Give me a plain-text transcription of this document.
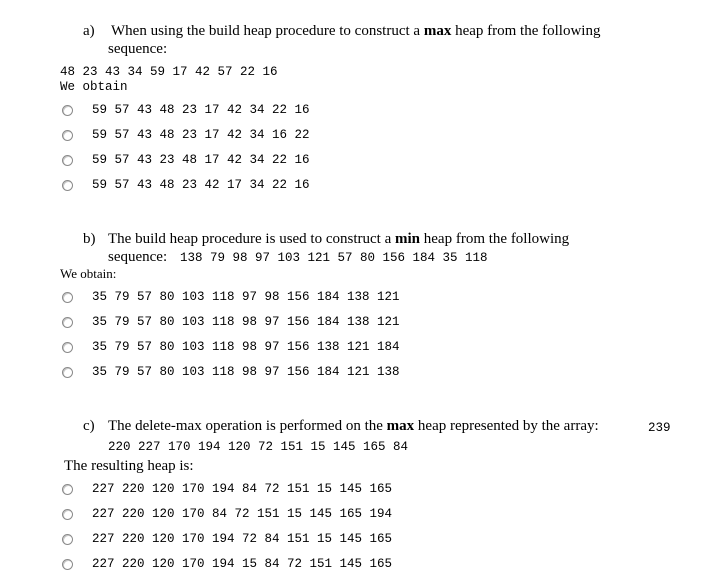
a) When using the build heap procedure to construct a max heap from the following
sequence:
48 23 43 34 59 17 42 57 22 16
We obtain
59 57 43 48 23 17 42 34 22 16
59 57 43 48 23 17 42 34 16 22
59 57 43 23 48 17 42 34 22 16
59 57 43 48 23 42 17 34 22 16
b) The build heap procedure is used to construct a min heap from the following
sequence: 138 79 98 97 103 121 57 80 156 184 35 118
We obtain:
35 79 57 80 103 118 97 98 156 184 138 121
35 79 57 80 103 118 98 97 156 184 138 121
35 79 57 80 103 118 98 97 156 138 121 184
35 79 57 80 103 118 98 97 156 184 121 138
c) The delete-max operation is performed on the max heap represented by the array:	239
220 227 170 194 120 72 151 15 145 165 84
The resulting heap is:
227 220 120 170 194 84 72 151 15 145 165
227 220 120 170 84 72 151 15 145 165 194
227 220 120 170 194 72 84 151 15 145 165
227 220 120 170 194 15 84 72 151 145 165
